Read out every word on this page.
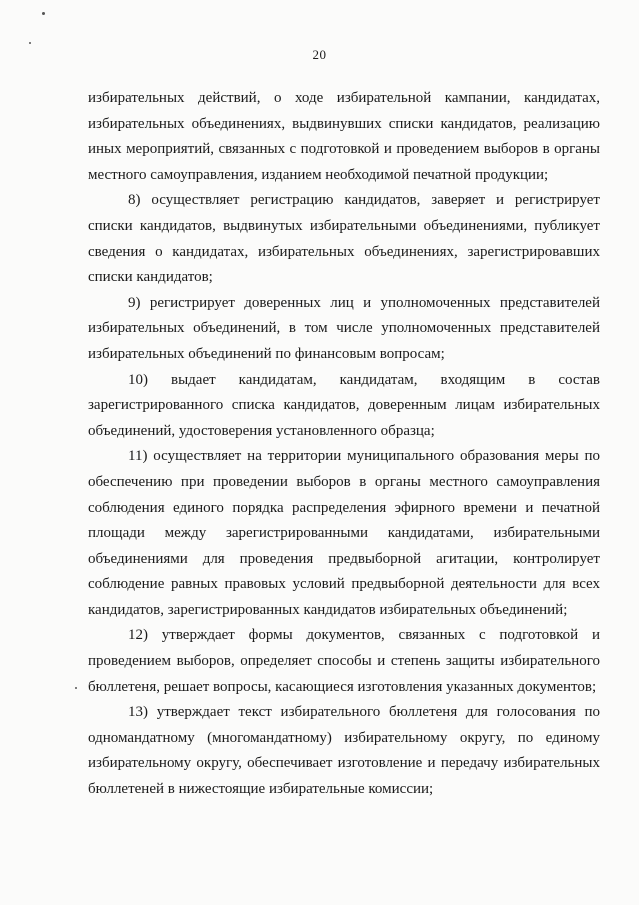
20

избирательных действий, о ходе избирательной кампании, кандидатах, избирательных объединениях, выдвинувших списки кандидатов, реализацию иных мероприятий, связанных с подготовкой и проведением выборов в органы местного самоуправления, изданием необходимой печатной продукции;

8) осуществляет регистрацию кандидатов, заверяет и регистрирует списки кандидатов, выдвинутых избирательными объединениями, публикует сведения о кандидатах, избирательных объединениях, зарегистрировавших списки кандидатов;

9) регистрирует доверенных лиц и уполномоченных представителей избирательных объединений, в том числе уполномоченных представителей избирательных объединений по финансовым вопросам;

10) выдает кандидатам, кандидатам, входящим в состав зарегистрированного списка кандидатов, доверенным лицам избирательных объединений, удостоверения установленного образца;

11) осуществляет на территории муниципального образования меры по обеспечению при проведении выборов в органы местного самоуправления соблюдения единого порядка распределения эфирного времени и печатной площади между зарегистрированными кандидатами, избирательными объединениями для проведения предвыборной агитации, контролирует соблюдение равных правовых условий предвыборной деятельности для всех кандидатов, зарегистрированных кандидатов избирательных объединений;

12) утверждает формы документов, связанных с подготовкой и проведением выборов, определяет способы и степень защиты избирательного бюллетеня, решает вопросы, касающиеся изготовления указанных документов;

13) утверждает текст избирательного бюллетеня для голосования по одномандатному (многомандатному) избирательному округу, по единому избирательному округу, обеспечивает изготовление и передачу избирательных бюллетеней в нижестоящие избирательные комиссии;
